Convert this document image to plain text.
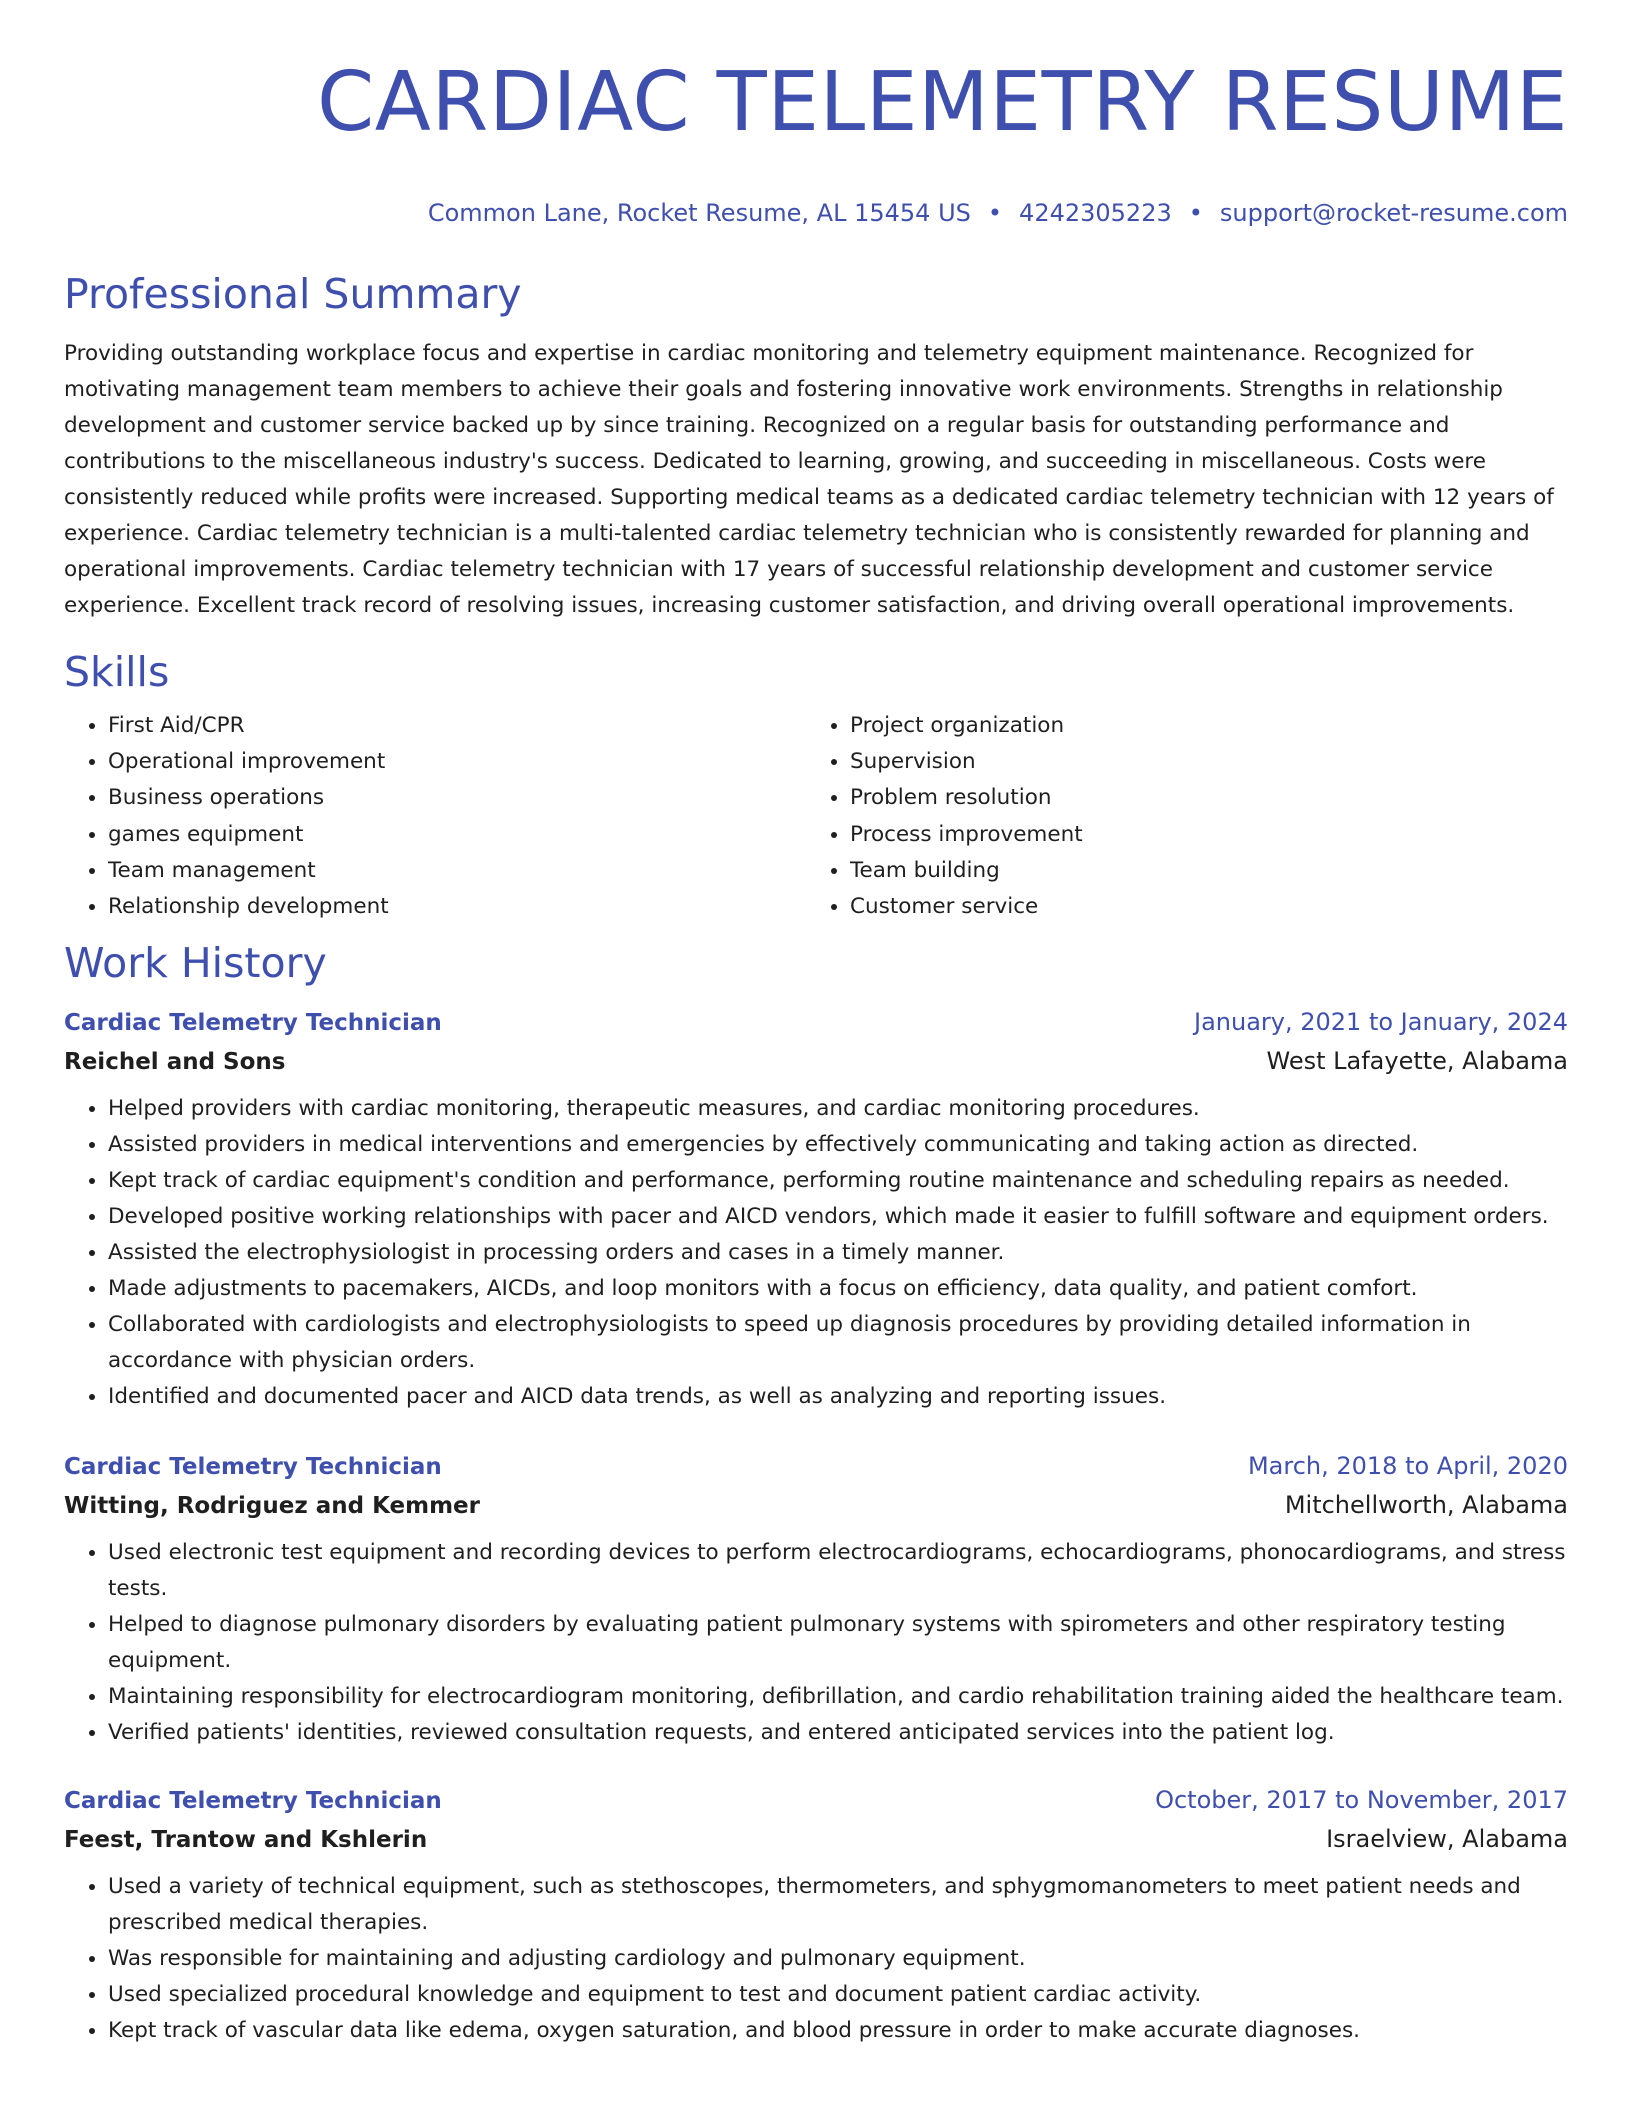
CARDIAC TELEMETRY RESUME
Common Lane, Rocket Resume, AL 15454 US • 4242305223 • support@rocket-resume.com
Professional Summary

Providing outstanding workplace focus and expertise in cardiac monitoring and telemetry equipment maintenance. Recognized for motivating management team members to achieve their goals and fostering innovative work environments. Strengths in relationship development and customer service backed up by since training. Recognized on a regular basis for outstanding performance and contributions to the miscellaneous industry's success. Dedicated to learning, growing, and succeeding in miscellaneous. Costs were consistently reduced while profits were increased. Supporting medical teams as a dedicated cardiac telemetry technician with 12 years of experience. Cardiac telemetry technician is a multi-talented cardiac telemetry technician who is consistently rewarded for planning and operational improvements. Cardiac telemetry technician with 17 years of successful relationship development and customer service experience. Excellent track record of resolving issues, increasing customer satisfaction, and driving overall operational improvements.

Skills
• First Aid/CPR
• Operational improvement
• Business operations
• games equipment
• Team management
• Relationship development
• Project organization
• Supervision
• Problem resolution
• Process improvement
• Team building
• Customer service
Work History
Cardiac Telemetry Technician	January, 2021 to January, 2024
Reichel and Sons	West Lafayette, Alabama
• Helped providers with cardiac monitoring, therapeutic measures, and cardiac monitoring procedures.
• Assisted providers in medical interventions and emergencies by effectively communicating and taking action as directed.
• Kept track of cardiac equipment's condition and performance, performing routine maintenance and scheduling repairs as needed.
• Developed positive working relationships with pacer and AICD vendors, which made it easier to fulfill software and equipment orders.
• Assisted the electrophysiologist in processing orders and cases in a timely manner.
• Made adjustments to pacemakers, AICDs, and loop monitors with a focus on efficiency, data quality, and patient comfort.
• Collaborated with cardiologists and electrophysiologists to speed up diagnosis procedures by providing detailed information in accordance with physician orders.
• Identified and documented pacer and AICD data trends, as well as analyzing and reporting issues.
Cardiac Telemetry Technician	March, 2018 to April, 2020
Witting, Rodriguez and Kemmer	Mitchellworth, Alabama
• Used electronic test equipment and recording devices to perform electrocardiograms, echocardiograms, phonocardiograms, and stress tests.
• Helped to diagnose pulmonary disorders by evaluating patient pulmonary systems with spirometers and other respiratory testing equipment.
• Maintaining responsibility for electrocardiogram monitoring, defibrillation, and cardio rehabilitation training aided the healthcare team.
• Verified patients' identities, reviewed consultation requests, and entered anticipated services into the patient log.
Cardiac Telemetry Technician	October, 2017 to November, 2017
Feest, Trantow and Kshlerin	Israelview, Alabama
• Used a variety of technical equipment, such as stethoscopes, thermometers, and sphygmomanometers to meet patient needs and prescribed medical therapies.
• Was responsible for maintaining and adjusting cardiology and pulmonary equipment.
• Used specialized procedural knowledge and equipment to test and document patient cardiac activity.
• Kept track of vascular data like edema, oxygen saturation, and blood pressure in order to make accurate diagnoses.
